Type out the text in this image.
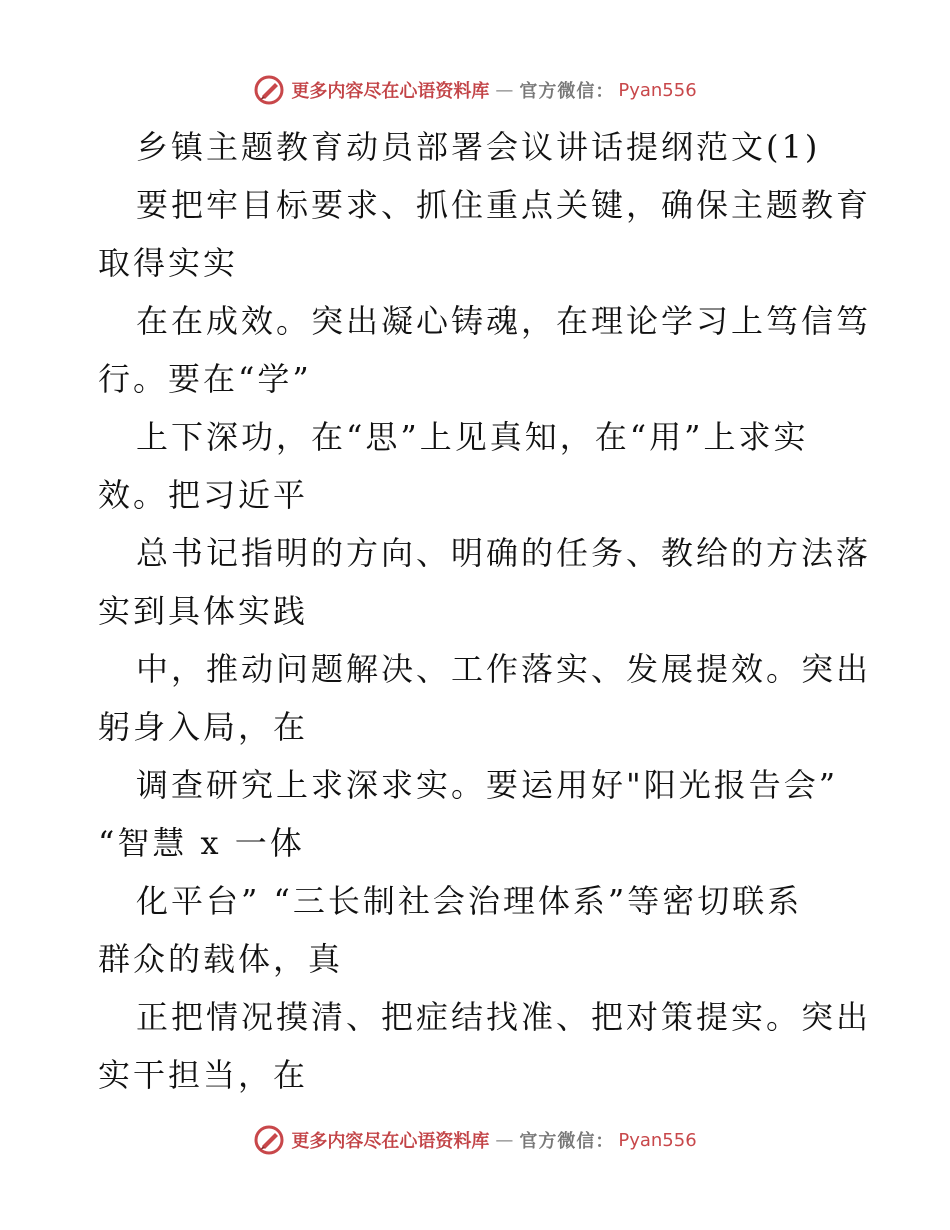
更多内容尽在心语资料库 — 官方微信： Pyan556
乡镇主题教育动员部署会议讲话提纲范文(1)
要把牢目标要求、抓住重点关键，确保主题教育
取得实实
在在成效。突出凝心铸魂，在理论学习上笃信笃
行。要在“学”
上下深功，在“思”上见真知，在“用”上求实
效。把习近平
总书记指明的方向、明确的任务、教给的方法落
实到具体实践
中，推动问题解决、工作落实、发展提效。突出
躬身入局，在
调查研究上求深求实。要运用好"阳光报告会”
“智慧 x 一体
化平台” “三长制社会治理体系”等密切联系
群众的载体，真
正把情况摸清、把症结找准、把对策提实。突出
实干担当，在
更多内容尽在心语资料库 — 官方微信： Pyan556
